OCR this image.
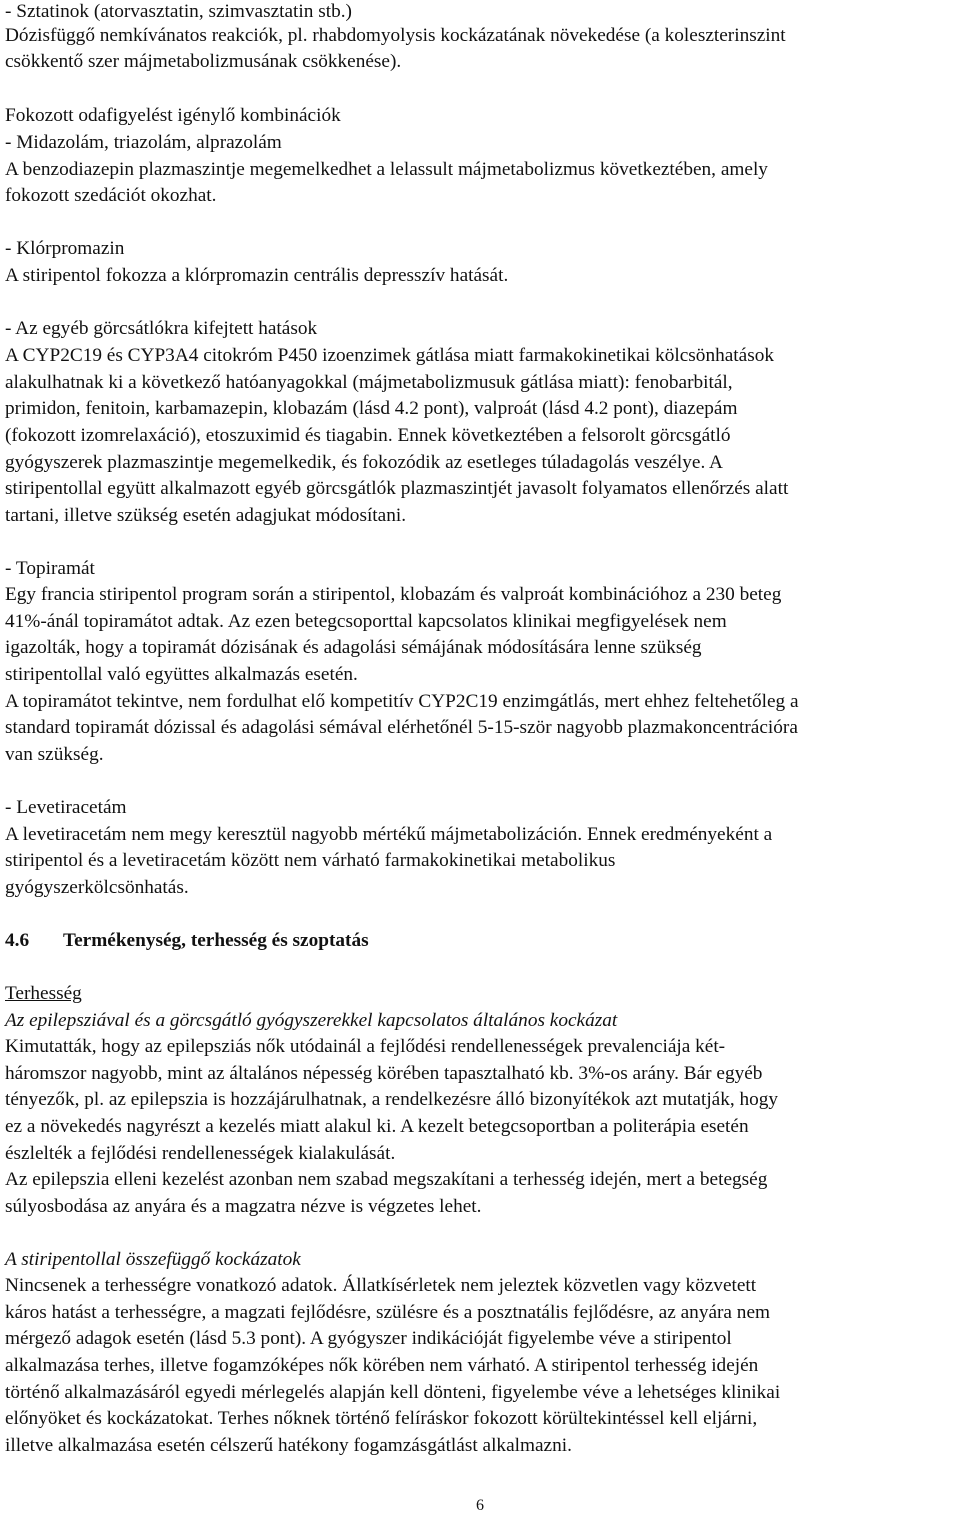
- Sztatinok (atorvasztatin, szimvasztatin stb.)
Dózisfüggő nemkívánatos reakciók, pl. rhabdomyolysis kockázatának növekedése (a koleszterinszint
csökkentő szer májmetabolizmusának csökkenése).
Fokozott odafigyelést igénylő kombinációk
- Midazolám, triazolám, alprazolám
A benzodiazepin plazmaszintje megemelkedhet a lelassult májmetabolizmus következtében, amely
fokozott szedációt okozhat.
- Klórpromazin
A stiripentol fokozza a klórpromazin centrális depresszív hatását.
- Az egyéb görcsátlókra kifejtett hatások
A CYP2C19 és CYP3A4 citokróm P450 izoenzimek gátlása miatt farmakokinetikai kölcsönhatások
alakulhatnak ki a következő hatóanyagokkal (májmetabolizmusuk gátlása miatt): fenobarbitál,
primidon, fenitoin, karbamazepin, klobazám (lásd 4.2 pont), valproát (lásd 4.2 pont), diazepám
(fokozott izomrelaxáció), etoszuximid és tiagabin. Ennek következtében a felsorolt görcsgátló
gyógyszerek plazmaszintje megemelkedik, és fokozódik az esetleges túladagolás veszélye. A
stiripentollal együtt alkalmazott egyéb görcsgátlók plazmaszintjét javasolt folyamatos ellenőrzés alatt
tartani, illetve szükség esetén adagjukat módosítani.
- Topiramát
Egy francia stiripentol program során a stiripentol, klobazám és valproát kombinációhoz a 230 beteg
41%-ánál topiramátot adtak. Az ezen betegcsoporttal kapcsolatos klinikai megfigyelések nem
igazolták, hogy a topiramát dózisának és adagolási sémájának módosítására lenne szükség
stiripentollal való együttes alkalmazás esetén.
A topiramátot tekintve, nem fordulhat elő kompetitív CYP2C19 enzimgátlás, mert ehhez feltehetőleg a
standard topiramát dózissal és adagolási sémával elérhetőnél 5-15-ször nagyobb plazmakoncentrációra
van szükség.
- Levetiracetám
A levetiracetám nem megy keresztül nagyobb mértékű májmetabolizáción. Ennek eredményeként a
stiripentol és a levetiracetám között nem várható farmakokinetikai metabolikus
gyógyszerkölcsönhatás.
4.6 Termékenység, terhesség és szoptatás
Terhesség
Az epilepsziával és a görcsgátló gyógyszerekkel kapcsolatos általános kockázat
Kimutatták, hogy az epilepsziás nők utódainál a fejlődési rendellenességek prevalenciája két-
háromszor nagyobb, mint az általános népesség körében tapasztalható kb. 3%-os arány. Bár egyéb
tényezők, pl. az epilepszia is hozzájárulhatnak, a rendelkezésre álló bizonyítékok azt mutatják, hogy
ez a növekedés nagyrészt a kezelés miatt alakul ki. A kezelt betegcsoportban a politerápia esetén
észlelték a fejlődési rendellenességek kialakulását.
Az epilepszia elleni kezelést azonban nem szabad megszakítani a terhesség idején, mert a betegség
súlyosbodása az anyára és a magzatra nézve is végzetes lehet.
A stiripentollal összefüggő kockázatok
Nincsenek a terhességre vonatkozó adatok. Állatkísérletek nem jeleztek közvetlen vagy közvetett
káros hatást a terhességre, a magzati fejlődésre, szülésre és a posztnatális fejlődésre, az anyára nem
mérgező adagok esetén (lásd 5.3 pont). A gyógyszer indikációját figyelembe véve a stiripentol
alkalmazása terhes, illetve fogamzóképes nők körében nem várható. A stiripentol terhesség idején
történő alkalmazásáról egyedi mérlegelés alapján kell dönteni, figyelembe véve a lehetséges klinikai
előnyöket és kockázatokat. Terhes nőknek történő felíráskor fokozott körültekintéssel kell eljárni,
illetve alkalmazása esetén célszerű hatékony fogamzásgátlást alkalmazni.
6
